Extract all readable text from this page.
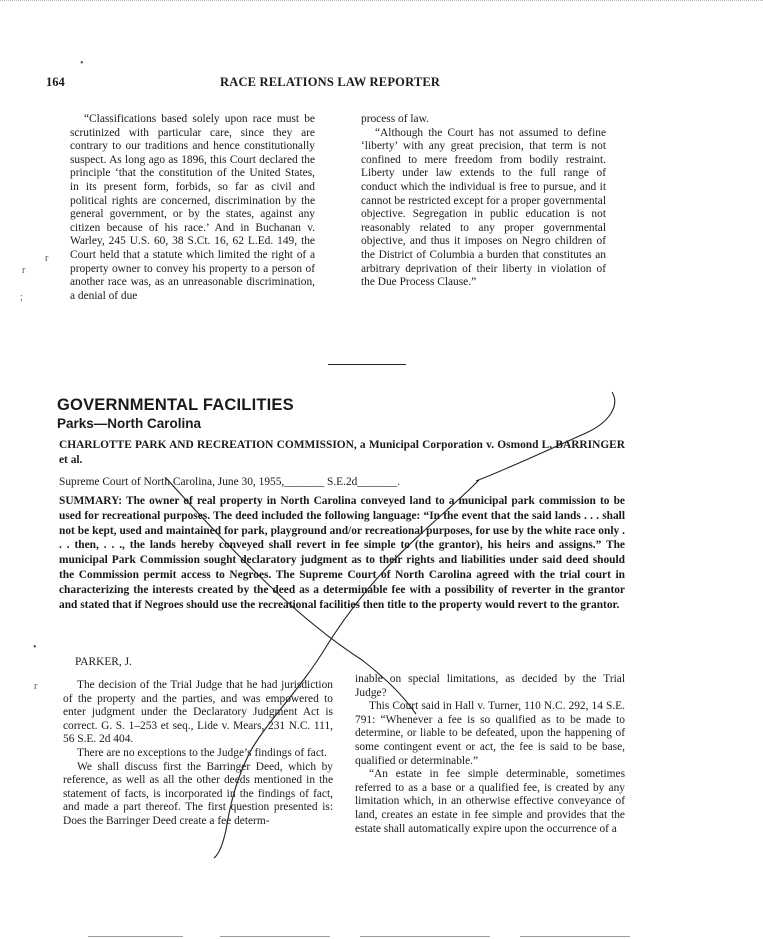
164	RACE RELATIONS LAW REPORTER

“Classifications based solely upon race must be scrutinized with particular care, since they are contrary to our traditions and hence constitutionally suspect. As long ago as 1896, this Court declared the principle ‘that the constitution of the United States, in its present form, forbids, so far as civil and political rights are concerned, discrimination by the general government, or by the states, against any citizen because of his race.’ And in Buchanan v. Warley, 245 U.S. 60, 38 S.Ct. 16, 62 L.Ed. 149, the Court held that a statute which limited the right of a property owner to convey his property to a person of another race was, as an unreasonable discrimination, a denial of due

process of law.

“Although the Court has not assumed to define ‘liberty’ with any great precision, that term is not confined to mere freedom from bodily restraint. Liberty under law extends to the full range of conduct which the individual is free to pursue, and it cannot be restricted except for a proper governmental objective. Segregation in public education is not reasonably related to any proper governmental objective, and thus it imposes on Negro children of the District of Columbia a burden that constitutes an arbitrary deprivation of their liberty in violation of the Due Process Clause.”

r
r
;
r
•
•
GOVERNMENTAL FACILITIES
Parks—North Carolina
CHARLOTTE PARK AND RECREATION COMMISSION, a Municipal Corporation v. Osmond L. BARRINGER et al.
Supreme Court of North Carolina, June 30, 1955,_______ S.E.2d_______.
SUMMARY: The owner of real property in North Carolina conveyed land to a municipal park commission to be used for recreational purposes. The deed included the following language: “In the event that the said lands . . . shall not be kept, used and maintained for park, playground and/or recreational purposes, for use by the white race only . . . then, . . ., the lands hereby conveyed shall revert in fee simple to (the grantor), his heirs and assigns.” The municipal Park Commission sought declaratory judgment as to their rights and liabilities under said deed should the Commission permit access to Negroes. The Supreme Court of North Carolina agreed with the trial court in characterizing the interests created by the deed as a determinable fee with a possibility of reverter in the grantor and stated that if Negroes should use the recreational facilities then title to the property would revert to the grantor.
PARKER, J.

The decision of the Trial Judge that he had jurisdiction of the property and the parties, and was empowered to enter judgment under the Declaratory Judgment Act is correct. G. S. 1–253 et seq., Lide v. Mears, 231 N.C. 111, 56 S.E. 2d 404.

There are no exceptions to the Judge’s findings of fact.

We shall discuss first the Barringer Deed, which by reference, as well as all the other deeds mentioned in the statement of facts, is incorporated in the findings of fact, and made a part thereof. The first question presented is: Does the Barringer Deed create a fee determ-

inable on special limitations, as decided by the Trial Judge?

This Court said in Hall v. Turner, 110 N.C. 292, 14 S.E. 791: “Whenever a fee is so qualified as to be made to determine, or liable to be defeated, upon the happening of some contingent event or act, the fee is said to be base, qualified or determinable.”

“An estate in fee simple determinable, sometimes referred to as a base or a qualified fee, is created by any limitation which, in an otherwise effective conveyance of land, creates an estate in fee simple and provides that the estate shall automatically expire upon the occurrence of a
